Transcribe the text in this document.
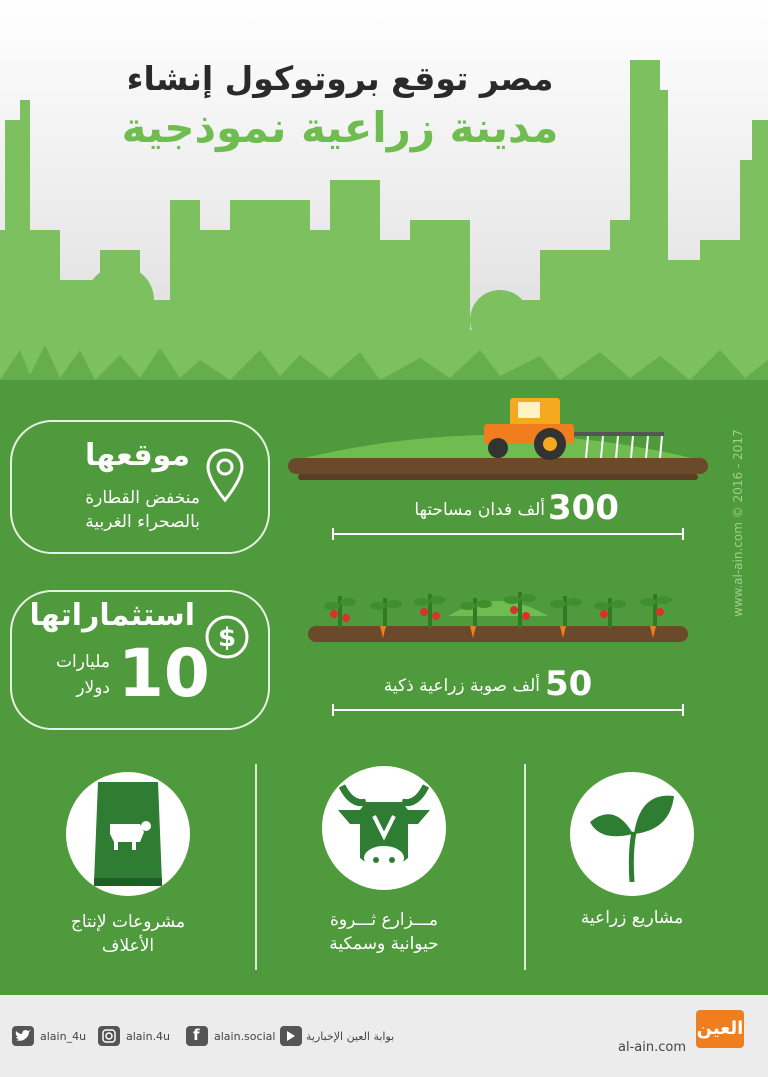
مصر توقع بروتوكول إنشاء
مدينة زراعية نموذجية
موقعها
منخفض القطارة
بالصحراء الغربية
استثماراتها
$
10
مليارات
دولار
300
ألف فدان مساحتها
50
ألف صوبة زراعية ذكية
www.al-ain.com © 2016 - 2017
مشاريع زراعية
مـــزارع ثـــروة
حيوانية وسمكية
مشروعات لإنتاج
الأعلاف
alain_4u	alain.4u f alain.social	بوابة العين الإخبارية
al-ain.com
العين
